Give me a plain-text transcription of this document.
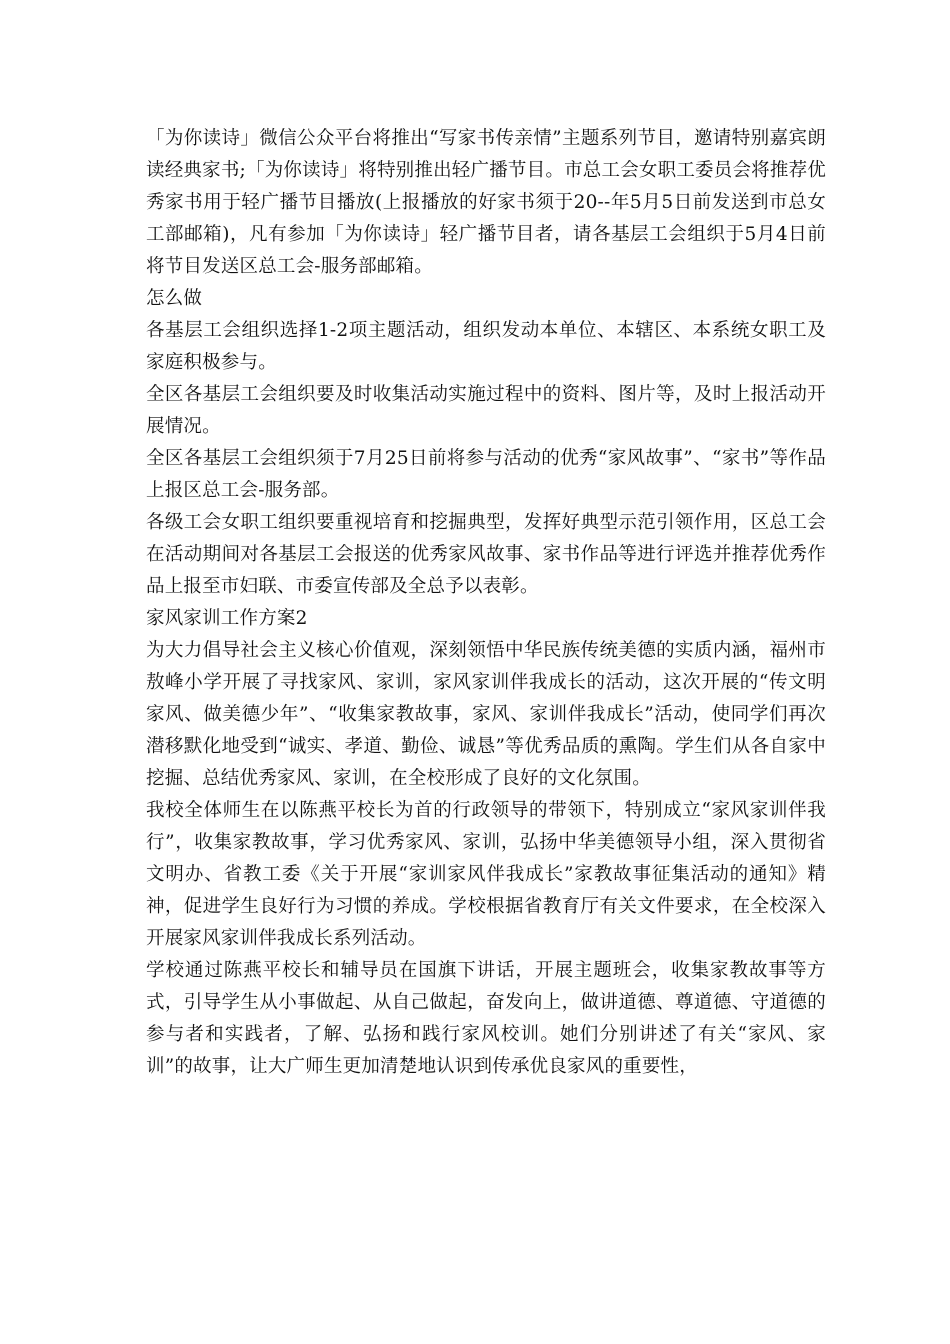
「为你读诗」微信公众平台将推出“写家书传亲情”主题系列节目，邀请特别嘉宾朗读经典家书;「为你读诗」将特别推出轻广播节目。市总工会女职工委员会将推荐优秀家书用于轻广播节目播放(上报播放的好家书须于20--年5月5日前发送到市总女工部邮箱)，凡有参加「为你读诗」轻广播节目者，请各基层工会组织于5月4日前将节目发送区总工会-服务部邮箱。

怎么做

各基层工会组织选择1-2项主题活动，组织发动本单位、本辖区、本系统女职工及家庭积极参与。

全区各基层工会组织要及时收集活动实施过程中的资料、图片等，及时上报活动开展情况。

全区各基层工会组织须于7月25日前将参与活动的优秀“家风故事”、“家书”等作品上报区总工会-服务部。

各级工会女职工组织要重视培育和挖掘典型，发挥好典型示范引领作用，区总工会在活动期间对各基层工会报送的优秀家风故事、家书作品等进行评选并推荐优秀作品上报至市妇联、市委宣传部及全总予以表彰。

家风家训工作方案2

为大力倡导社会主义核心价值观，深刻领悟中华民族传统美德的实质内涵，福州市敖峰小学开展了寻找家风、家训，家风家训伴我成长的活动，这次开展的“传文明家风、做美德少年”、“收集家教故事，家风、家训伴我成长”活动，使同学们再次潜移默化地受到“诚实、孝道、勤俭、诚恳”等优秀品质的熏陶。学生们从各自家中挖掘、总结优秀家风、家训，在全校形成了良好的文化氛围。

我校全体师生在以陈燕平校长为首的行政领导的带领下，特别成立“家风家训伴我行”，收集家教故事，学习优秀家风、家训，弘扬中华美德领导小组，深入贯彻省文明办、省教工委《关于开展“家训家风伴我成长”家教故事征集活动的通知》精神，促进学生良好行为习惯的养成。学校根据省教育厅有关文件要求，在全校深入开展家风家训伴我成长系列活动。

学校通过陈燕平校长和辅导员在国旗下讲话，开展主题班会，收集家教故事等方式，引导学生从小事做起、从自己做起，奋发向上，做讲道德、尊道德、守道德的参与者和实践者，了解、弘扬和践行家风校训。她们分别讲述了有关“家风、家训”的故事，让大广师生更加清楚地认识到传承优良家风的重要性，
